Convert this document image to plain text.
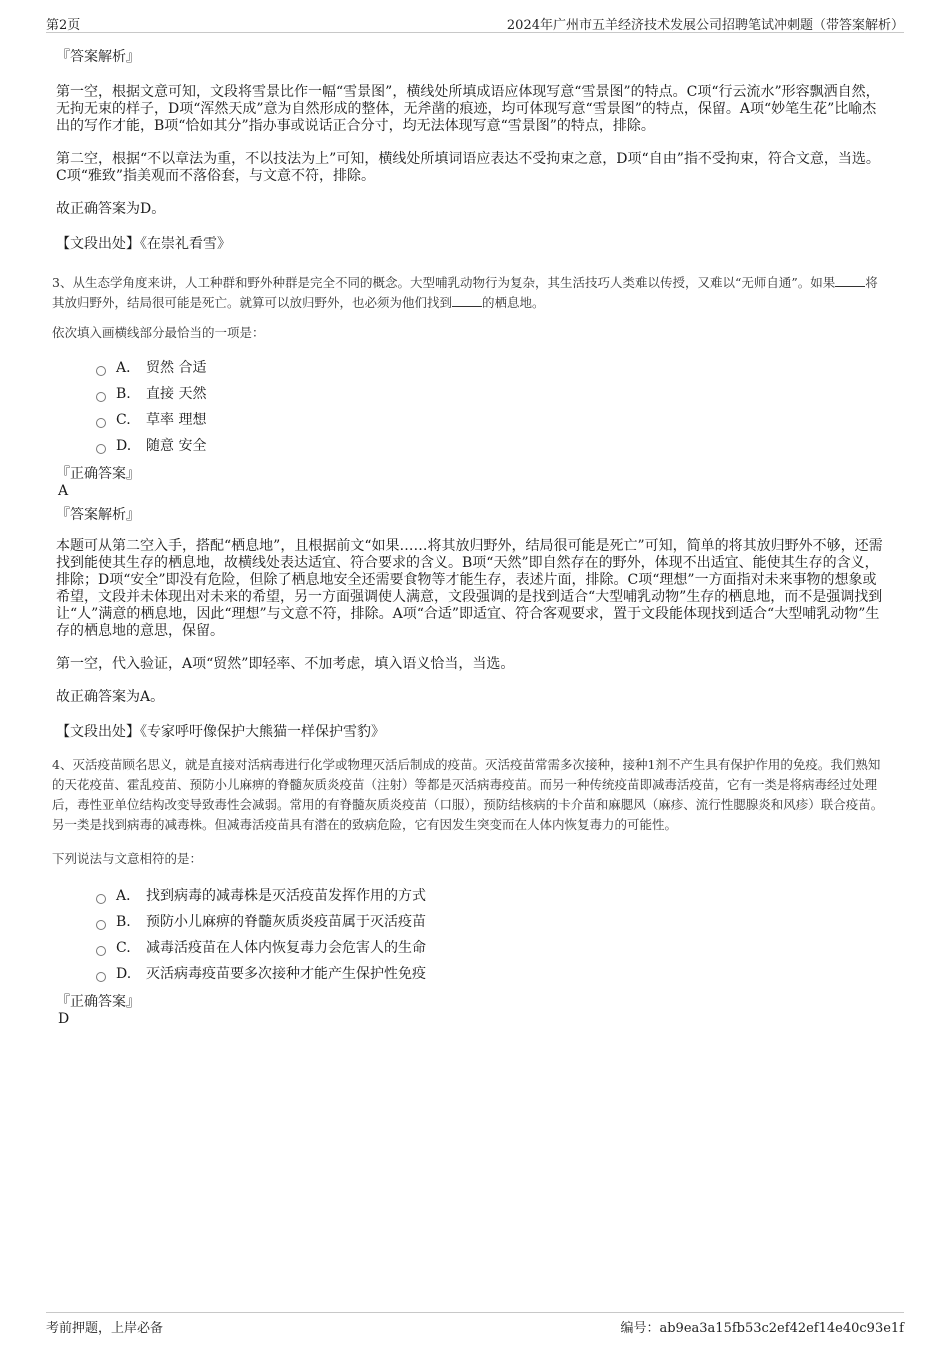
第2页	2024年广州市五羊经济技术发展公司招聘笔试冲刺题（带答案解析）
『答案解析』

第一空，根据文意可知，文段将雪景比作一幅“雪景图”，横线处所填成语应体现写意“雪景图”的特点。C项“行云流水”形容飘洒自然，无拘无束的样子，D项“浑然天成”意为自然形成的整体，无斧凿的痕迹，均可体现写意“雪景图”的特点，保留。A项“妙笔生花”比喻杰出的写作才能，B项“恰如其分”指办事或说话正合分寸，均无法体现写意“雪景图”的特点，排除。

第二空，根据“不以章法为重，不以技法为上”可知，横线处所填词语应表达不受拘束之意，D项“自由”指不受拘束，符合文意，当选。C项“雅致”指美观而不落俗套，与文意不符，排除。

故正确答案为D。

【文段出处】《在崇礼看雪》

3、从生态学角度来讲，人工种群和野外种群是完全不同的概念。大型哺乳动物行为复杂，其生活技巧人类难以传授，又难以“无师自通”。如果 将其放归野外，结局很可能是死亡。就算可以放归野外，也必须为他们找到 的栖息地。

依次填入画横线部分最恰当的一项是：

A． 贸然 合适
B.	直接 天然
C.	草率 理想
D.	随意 安全
『正确答案』
A
『答案解析』

本题可从第二空入手，搭配“栖息地”，且根据前文“如果……将其放归野外，结局很可能是死亡”可知，简单的将其放归野外不够，还需找到能使其生存的栖息地，故横线处表达适宜、符合要求的含义。B项“天然”即自然存在的野外，体现不出适宜、能使其生存的含义，排除；D项“安全”即没有危险，但除了栖息地安全还需要食物等才能生存，表述片面，排除。C项“理想”一方面指对未来事物的想象或希望，文段并未体现出对未来的希望，另一方面强调使人满意，文段强调的是找到适合“大型哺乳动物”生存的栖息地，而不是强调找到让“人”满意的栖息地，因此“理想”与文意不符，排除。A项“合适”即适宜、符合客观要求，置于文段能体现找到适合“大型哺乳动物”生存的栖息地的意思，保留。

第一空，代入验证，A项“贸然”即轻率、不加考虑，填入语义恰当，当选。

故正确答案为A。

【文段出处】《专家呼吁像保护大熊猫一样保护雪豹》

4、灭活疫苗顾名思义，就是直接对活病毒进行化学或物理灭活后制成的疫苗。灭活疫苗常需多次接种，接种1剂不产生具有保护作用的免疫。我们熟知的天花疫苗、霍乱疫苗、预防小儿麻痹的脊髓灰质炎疫苗（注射）等都是灭活病毒疫苗。而另一种传统疫苗即减毒活疫苗，它有一类是将病毒经过处理后，毒性亚单位结构改变导致毒性会减弱。常用的有脊髓灰质炎疫苗（口服），预防结核病的卡介苗和麻腮风（麻疹、流行性腮腺炎和风疹）联合疫苗。另一类是找到病毒的减毒株。但减毒活疫苗具有潜在的致病危险，它有因发生突变而在人体内恢复毒力的可能性。

下列说法与文意相符的是：

A． 找到病毒的减毒株是灭活疫苗发挥作用的方式
B.	预防小儿麻痹的脊髓灰质炎疫苗属于灭活疫苗
C.	减毒活疫苗在人体内恢复毒力会危害人的生命
D.	灭活病毒疫苗要多次接种才能产生保护性免疫
『正确答案』
D
考前押题，上岸必备	编号：ab9ea3a15fb53c2ef42ef14e40c93e1f
